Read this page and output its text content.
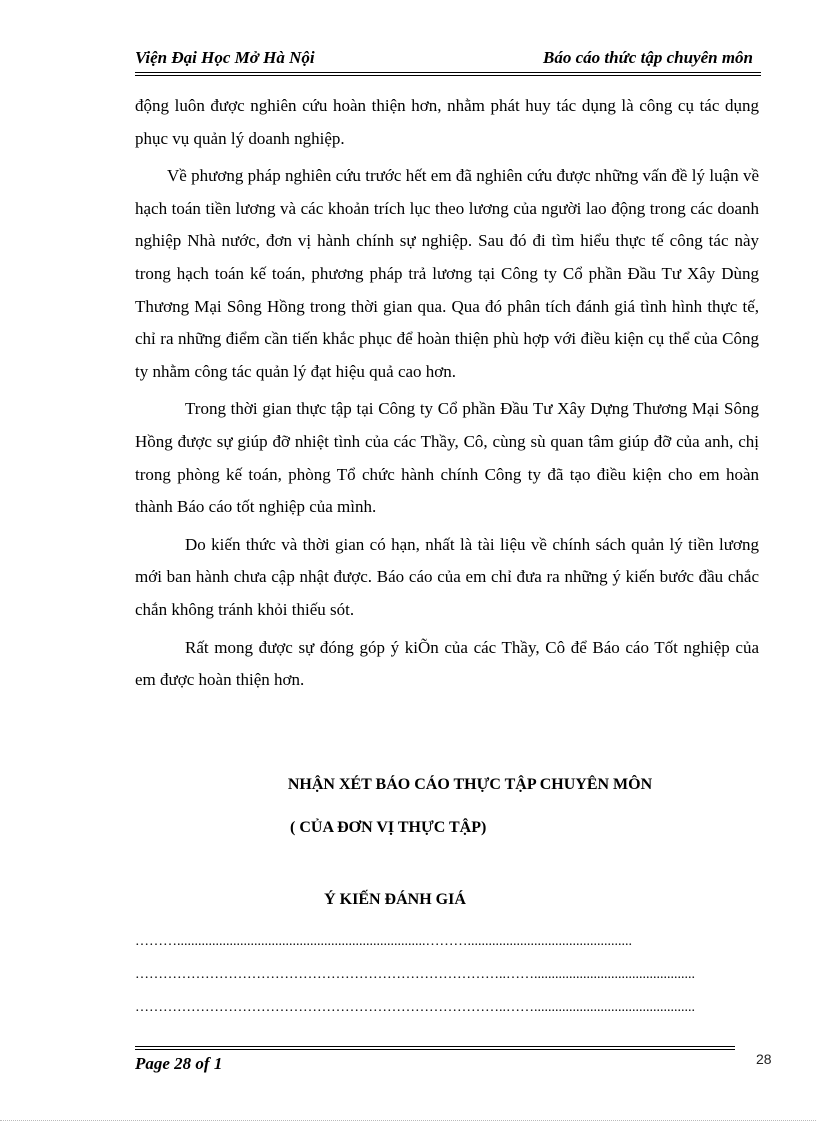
Viện Đại Học Mở Hà Nội	Báo cáo thức tập chuyên môn

động luôn được nghiên cứu hoàn thiện hơn, nhằm phát huy tác dụng là công cụ tác dụng phục vụ quản lý doanh nghiệp.

Về phương pháp nghiên cứu trước hết em đã nghiên cứu được những vấn đề lý luận về hạch toán tiền lương và các khoản trích lục theo lương của người lao động trong các doanh nghiệp Nhà nước, đơn vị hành chính sự nghiệp. Sau đó đi tìm hiểu thực tế công tác này trong hạch toán kế toán, phương pháp trả lương tại Công ty Cổ phần Đầu Tư Xây Dùng Thương Mại Sông Hồng trong thời gian qua. Qua đó phân tích đánh giá tình hình thực tế, chỉ ra những điểm cần tiến khắc phục để hoàn thiện phù hợp với điều kiện cụ thể của Công ty nhằm công tác quản lý đạt hiệu quả cao hơn.

Trong thời gian thực tập tại Công ty Cổ phần Đầu Tư Xây Dựng Thương Mại Sông Hồng được sự giúp đỡ nhiệt tình của các Thầy, Cô, cùng sù quan tâm giúp đỡ của anh, chị trong phòng kế toán, phòng Tổ chức hành chính Công ty đã tạo điều kiện cho em hoàn thành Báo cáo tốt nghiệp của mình.

Do kiến thức và thời gian có hạn, nhất là tài liệu về chính sách quản lý tiền lương mới ban hành chưa cập nhật được. Báo cáo của em chỉ đưa ra những ý kiến bước đầu chắc chắn không tránh khỏi thiếu sót.

Rất mong được sự đóng góp ý kiÕn của các Thầy, Cô để Báo cáo Tốt nghiệp của em được hoàn thiện hơn.

NHẬN XÉT BÁO CÁO THỰC TẬP CHUYÊN MÔN
( CỦA ĐƠN VỊ THỰC TẬP)
Ý KIẾN ĐÁNH GIÁ
……….......................................................................………...............................................
……………………………………………………………………..……..............................................
……………………………………………………………………..……..............................................
Page 28 of 1	28
